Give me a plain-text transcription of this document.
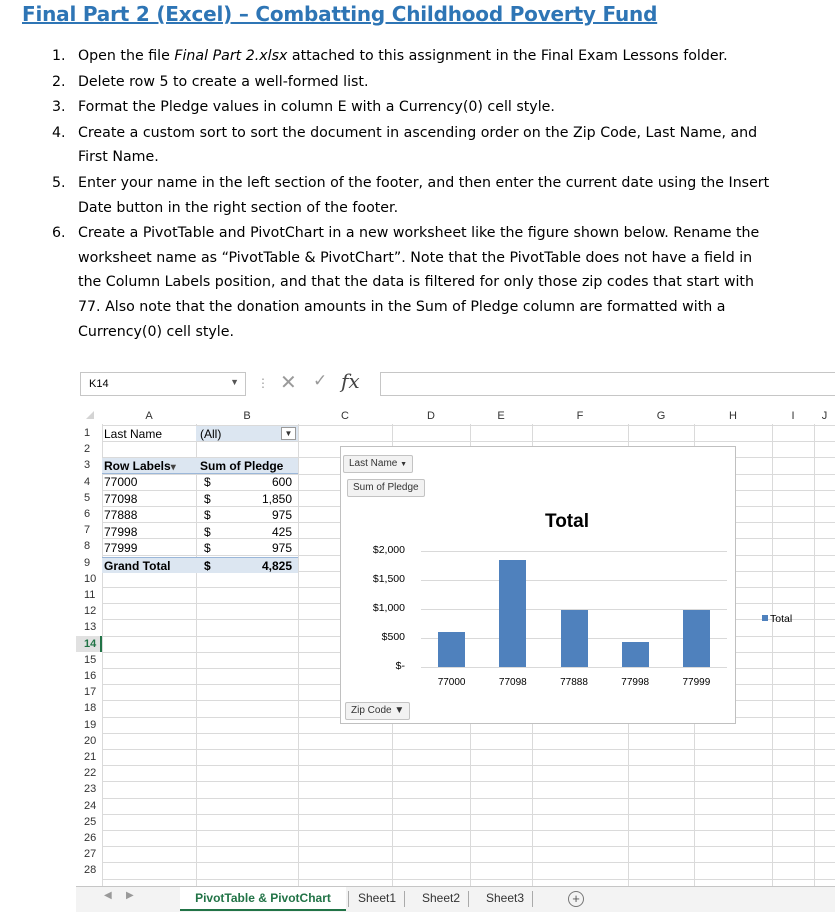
Final Part 2 (Excel) – Combatting Childhood Poverty Fund
1. Open the file Final Part 2.xlsx attached to this assignment in the Final Exam Lessons folder.
2. Delete row 5 to create a well-formed list.
3. Format the Pledge values in column E with a Currency(0) cell style.
4. Create a custom sort to sort the document in ascending order on the Zip Code, Last Name, and First Name.
5. Enter your name in the left section of the footer, and then enter the current date using the Insert Date button in the right section of the footer.
6. Create a PivotTable and PivotChart in a new worksheet like the figure shown below. Rename the worksheet name as “PivotTable & PivotChart”. Note that the PivotTable does not have a field in the Column Labels position, and that the data is filtered for only those zip codes that start with 77. Also note that the donation amounts in the Sum of Pledge column are formatted with a Currency(0) cell style.
K14	▼ ⋮ ✕ ✓ fx
A	B	C	D	E	F	G	H	I	J
1
2
3
4
5
6
7
8
9
10
11
12
13
14
15
16
17
18
19
20
21
22
23
24
25
26
27
28
Last Name	(All)	▼
Row Labels▾ Sum of Pledge
77000	$	600
77098	$	1,850
77888	$	975
77998	$	425
77999	$	975
Grand Total	$	4,825
Last Name ▼
Sum of Pledge
Total
$-
$500
$1,000
$1,500
$2,000
77000	77098	77888	77998	77999
Zip Code ▼
Total
◀ ▶	+
PivotTable & PivotChart	Sheet1	Sheet2	Sheet3
